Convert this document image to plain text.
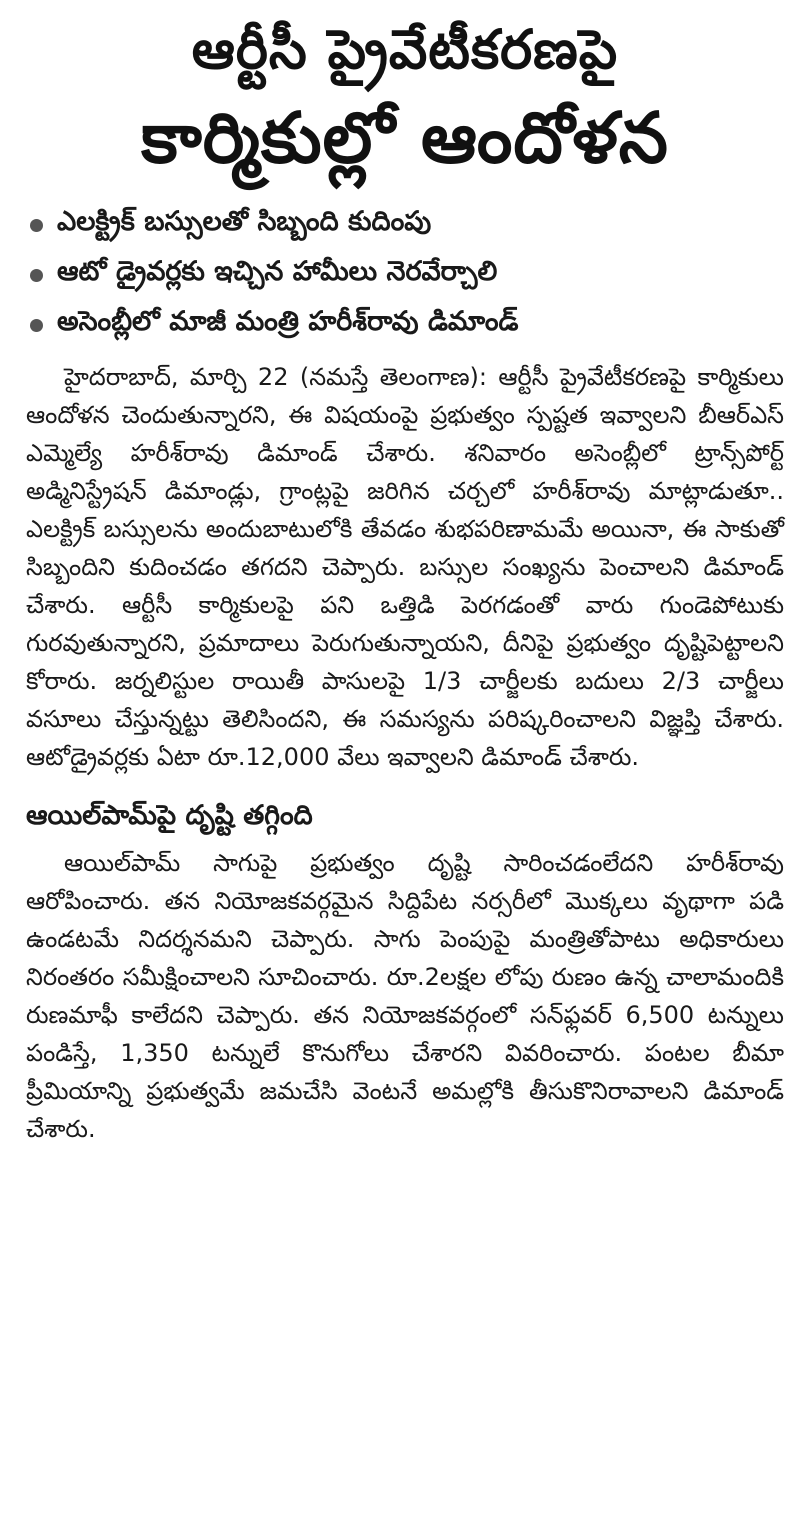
ఆర్టీసీ ప్రైవేటీకరణపై
కార్మికుల్లో ఆందోళన
ఎలక్ట్రిక్ బస్సులతో సిబ్బంది కుదింపు
ఆటో డ్రైవర్లకు ఇచ్చిన హామీలు నెరవేర్చాలి
అసెంబ్లీలో మాజీ మంత్రి హరీశ్‌రావు డిమాండ్

హైదరాబాద్, మార్చి 22 (నమస్తే తెలంగాణ): ఆర్టీసీ ప్రైవేటీకరణపై కార్మికులు ఆందోళన చెందుతున్నారని, ఈ విషయంపై ప్రభుత్వం స్పష్టత ఇవ్వాలని బీఆర్‌ఎస్ ఎమ్మెల్యే హరీశ్‌రావు డిమాండ్ చేశారు. శనివారం అసెంబ్లీలో ట్రాన్స్‌పోర్ట్ అడ్మినిస్ట్రేషన్ డిమాండ్లు, గ్రాంట్లపై జరిగిన చర్చలో హరీశ్‌రావు మాట్లాడుతూ.. ఎలక్ట్రిక్ బస్సులను అందుబాటులోకి తేవడం శుభపరిణామమే అయినా, ఈ సాకుతో సిబ్బందిని కుదించడం తగదని చెప్పారు. బస్సుల సంఖ్యను పెంచాలని డిమాండ్ చేశారు. ఆర్టీసీ కార్మికులపై పని ఒత్తిడి పెరగడంతో వారు గుండెపోటుకు గురవుతున్నారని, ప్రమాదాలు పెరుగుతున్నాయని, దీనిపై ప్రభుత్వం దృష్టిపెట్టాలని కోరారు. జర్నలిస్టుల రాయితీ పాసులపై 1/3 చార్జీలకు బదులు 2/3 చార్జీలు వసూలు చేస్తున్నట్టు తెలిసిందని, ఈ సమస్యను పరిష్కరించాలని విజ్ఞప్తి చేశారు. ఆటోడ్రైవర్లకు ఏటా రూ.12,000 వేలు ఇవ్వాలని డిమాండ్ చేశారు.

ఆయిల్‌పామ్‌పై దృష్టి తగ్గింది

ఆయిల్‌పామ్ సాగుపై ప్రభుత్వం దృష్టి సారించడంలేదని హరీశ్‌రావు ఆరోపించారు. తన నియోజకవర్గమైన సిద్దిపేట నర్సరీలో మొక్కలు వృథాగా పడి ఉండటమే నిదర్శనమని చెప్పారు. సాగు పెంపుపై మంత్రితోపాటు అధికారులు నిరంతరం సమీక్షించాలని సూచించారు. రూ.2లక్షల లోపు రుణం ఉన్న చాలామందికి రుణమాఫీ కాలేదని చెప్పారు. తన నియోజకవర్గంలో సన్‌ఫ్లవర్ 6,500 టన్నులు పండిస్తే, 1,350 టన్నులే కొనుగోలు చేశారని వివరించారు. పంటల బీమా ప్రీమియాన్ని ప్రభుత్వమే జమచేసి వెంటనే అమల్లోకి తీసుకొనిరావాలని డిమాండ్ చేశారు.
